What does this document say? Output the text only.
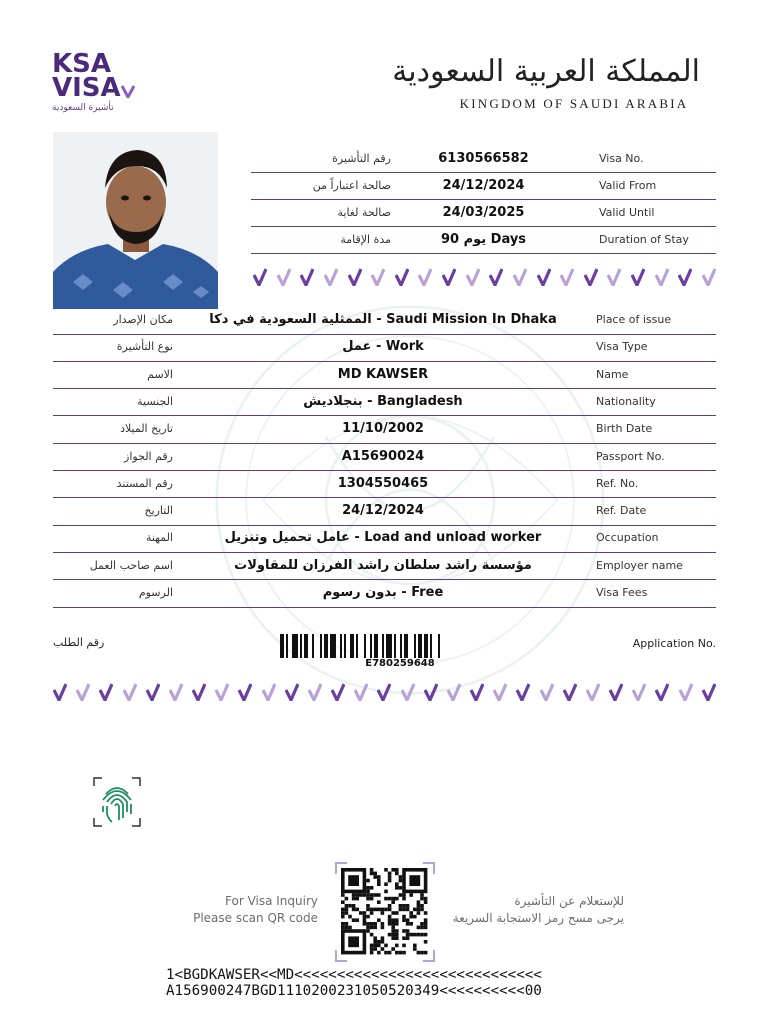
KSA
VISA
تأشيرة السعودية
المملكة العربية السعودية
KINGDOM OF SAUDI ARABIA
رقم التأشيرة	6130566582	Visa No.
صالحة اعتباراً من	24/12/2024	Valid From
صالحة لغاية	24/03/2025	Valid Until
مدة الإقامة	90 يوم Days	Duration of Stay
مكان الإصدار	الممثلية السعودية في دكا - Saudi Mission In Dhaka	Place of issue
نوع التأشيرة	عمل - Work	Visa Type
الاسم	MD KAWSER	Name
الجنسية	بنجلاديش - Bangladesh	Nationality
تاريخ الميلاد	11/10/2002	Birth Date
رقم الجواز	A15690024	Passport No.
رقم المستند	1304550465	Ref. No.
التاريخ	24/12/2024	Ref. Date
المهنة	عامل تحميل وتنزيل - Load and unload worker	Occupation
اسم صاحب العمل	مؤسسة راشد سلطان راشد الفرزان للمقاولات	Employer name
الرسوم	بدون رسوم - Free	Visa Fees
رقم الطلب	Application No.
E780259648
For Visa Inquiry
Please scan QR code
للإستعلام عن التأشيرة
يرجى مسح رمز الاستجابة السريعة
1<BGDKAWSER<<MD<<<<<<<<<<<<<<<<<<<<<<<<<<<<<
A156900247BGD1110200231050520349<<<<<<<<<<00
